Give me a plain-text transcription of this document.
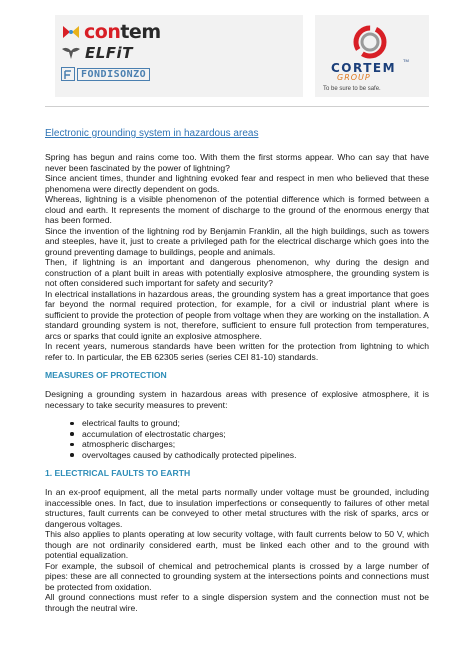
contem
ELFiT
FONDISONZO	CORTEM
TM
GROUP
To be sure to be safe.
Electronic grounding system in hazardous areas

Spring has begun and rains come too. With them the first storms appear. Who can say that have never been fascinated by the power of lightning?

Since ancient times, thunder and lightning evoked fear and respect in men who believed that these phenomena were directly dependent on gods.

Whereas, lightning is a visible phenomenon of the potential difference which is formed between a cloud and earth. It represents the moment of discharge to the ground of the enormous energy that has been formed.

Since the invention of the lightning rod by Benjamin Franklin, all the high buildings, such as towers and steeples, have it, just to create a privileged path for the electrical discharge which goes into the ground preventing damage to buildings, people and animals.

Then, if lightning is an important and dangerous phenomenon, why during the design and construction of a plant built in areas with potentially explosive atmosphere, the grounding system is not often considered such important for safety and security?

In electrical installations in hazardous areas, the grounding system has a great importance that goes far beyond the normal required protection, for example, for a civil or industrial plant where is sufficient to provide the protection of people from voltage when they are working on the installation. A standard grounding system is not, therefore, sufficient to ensure full protection from temperatures, arcs or sparks that could ignite an explosive atmosphere.

In recent years, numerous standards have been written for the protection from lightning to which refer to. In particular, the EB 62305 series (series CEI 81-10) standards.

MEASURES OF PROTECTION

Designing a grounding system in hazardous areas with presence of explosive atmosphere, it is necessary to take security measures to prevent:

electrical faults to ground;
accumulation of electrostatic charges;
atmospheric discharges;
overvoltages caused by cathodically protected pipelines.
1. ELECTRICAL FAULTS TO EARTH

In an ex-proof equipment, all the metal parts normally under voltage must be grounded, including inaccessible ones. In fact, due to insulation imperfections or consequently to failures of other metal structures, fault currents can be conveyed to other metal structures with the risk of sparks, arcs or dangerous voltages.

This also applies to plants operating at low security voltage, with fault currents below to 50 V, which though are not ordinarily considered earth, must be linked each other and to the ground with potential equalization.

For example, the subsoil of chemical and petrochemical plants is crossed by a large number of pipes: these are all connected to grounding system at the intersections points and connections must be protected from oxidation.

All ground connections must refer to a single dispersion system and the connection must not be through the neutral wire.
